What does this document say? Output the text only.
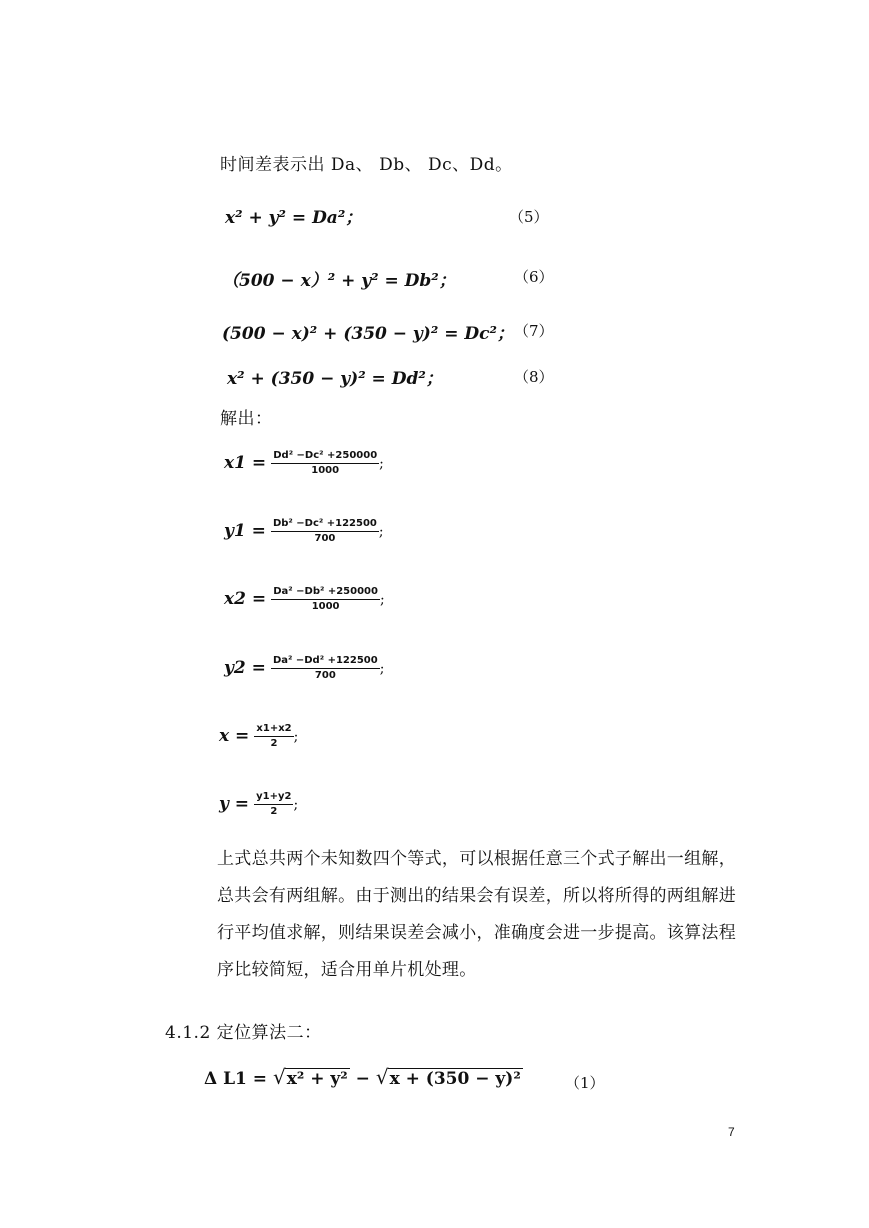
时间差表示出 Da、 Db、 Dc、Dd。
x² + y² = Da²；	（5）
（500 − x）² + y² = Db²；	（6）
(500 − x)² + (350 − y)² = Dc²； （7）
x² + (350 − y)² = Dd²；	（8）
解出：
$x1 = \frac{\text{Dd² −Dc² +250000}}{1000}$ ;
$y1 = \frac{\text{Db² −Dc² +122500}}{700}$ ;
$x2 = \frac{\text{Da² −Db² +250000}}{1000}$ ;
$y2 = \frac{\text{Da² −Dd² +122500}}{700}$ ;
$x = \frac{x1+x2}{2}$ ;
$y = \frac{y1+y2}{2}$ ;

上式总共两个未知数四个等式，可以根据任意三个式子解出一组解，

总共会有两组解。由于测出的结果会有误差，所以将所得的两组解进

行平均值求解，则结果误差会减小，准确度会进一步提高。该算法程

序比较简短，适合用单片机处理。

4.1.2 定位算法二：
Δ L1 = √x² + y² − √x + (350 − y)²	（1）
7
